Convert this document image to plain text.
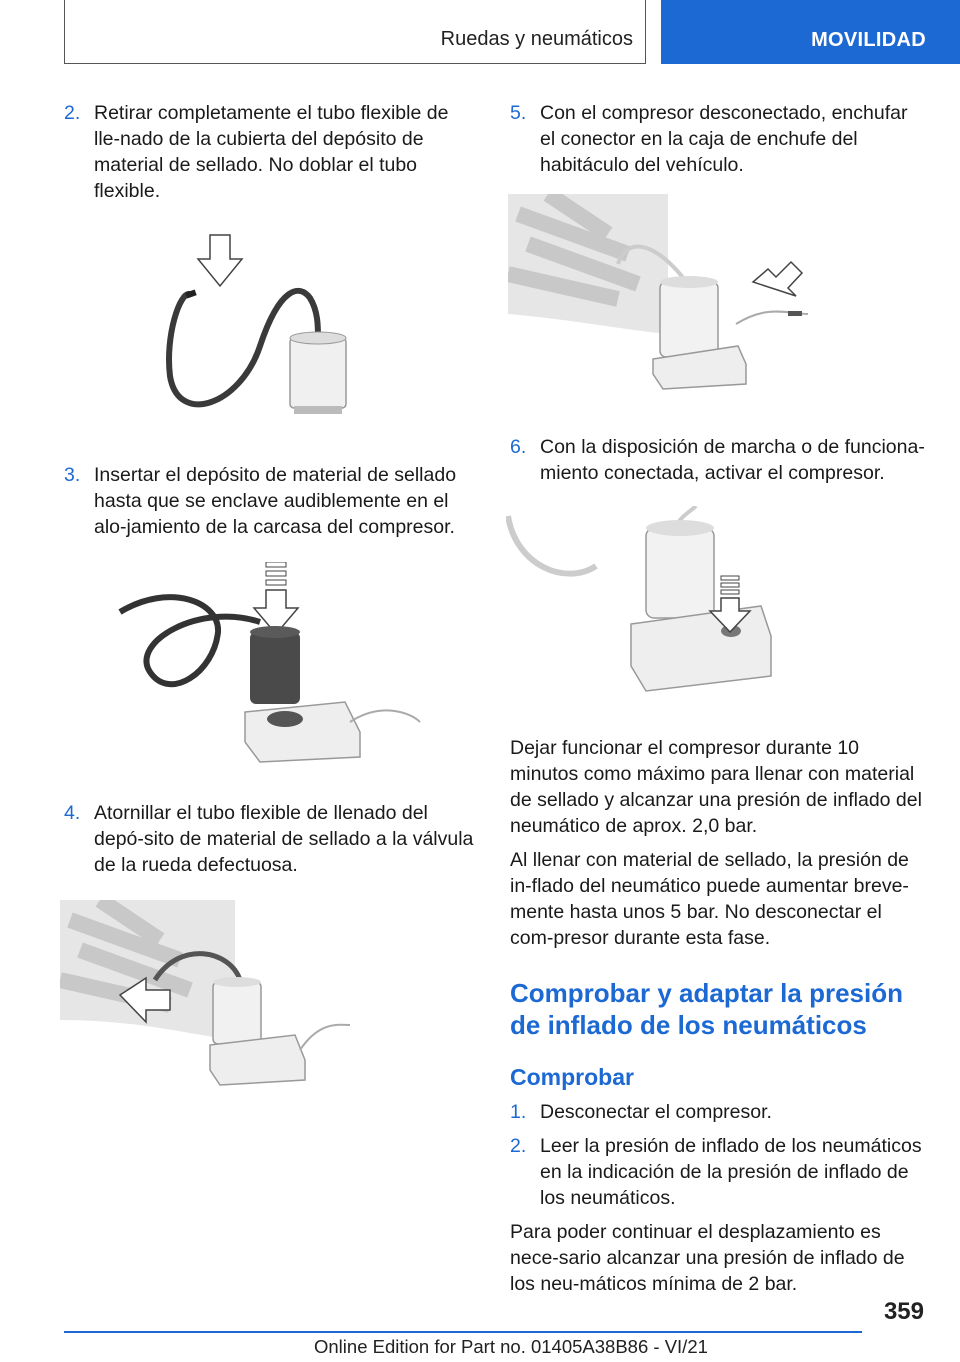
Ruedas y neumáticos	MOVILIDAD
2. Retirar completamente el tubo flexible de lle‐nado de la cubierta del depósito de material de sellado. No doblar el tubo flexible.
3. Insertar el depósito de material de sellado hasta que se enclave audiblemente en el alo‐jamiento de la carcasa del compresor.
4. Atornillar el tubo flexible de llenado del depó‐sito de material de sellado a la válvula de la rueda defectuosa.
5. Con el compresor desconectado, enchufar el conector en la caja de enchufe del habitáculo del vehículo.
6. Con la disposición de marcha o de funciona‐miento conectada, activar el compresor.

Dejar funcionar el compresor durante 10 minutos como máximo para llenar con material de sellado y alcanzar una presión de inflado del neumático de aprox. 2,0 bar.

Al llenar con material de sellado, la presión de in‐flado del neumático puede aumentar breve‐mente hasta unos 5 bar. No desconectar el com‐presor durante esta fase.

Comprobar y adaptar la presión de inflado de los neumáticos
Comprobar
1. Desconectar el compresor.
2. Leer la presión de inflado de los neumáticos en la indicación de la presión de inflado de los neumáticos.

Para poder continuar el desplazamiento es nece‐sario alcanzar una presión de inflado de los neu‐máticos mínima de 2 bar.

359
Online Edition for Part no. 01405A38B86 - VI/21
